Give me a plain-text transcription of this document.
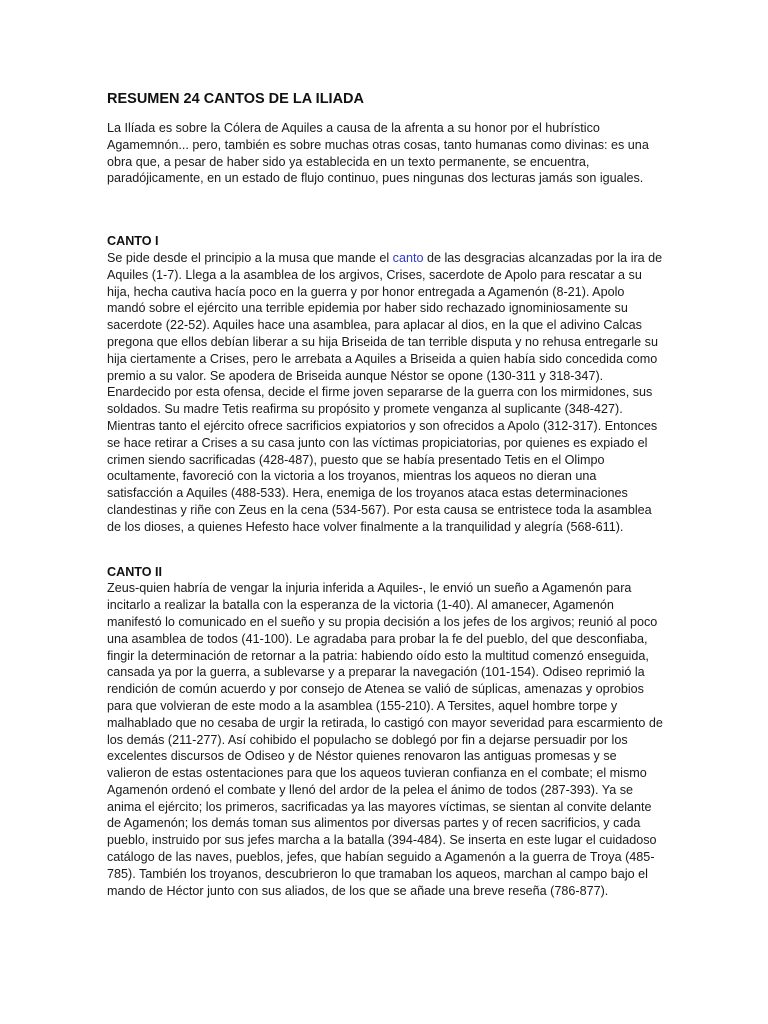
RESUMEN 24 CANTOS DE LA ILIADA

La Ilíada es sobre la Cólera de Aquiles a causa de la afrenta a su honor por el hubrístico Agamemnón... pero, también es sobre muchas otras cosas, tanto humanas como divinas: es una obra que, a pesar de haber sido ya establecida en un texto permanente, se encuentra, paradójicamente, en un estado de flujo continuo, pues ningunas dos lecturas jamás son iguales.

CANTO I

Se pide desde el principio a la musa que mande el canto de las desgracias alcanzadas por la ira de Aquiles (1-7). Llega a la asamblea de los argivos, Crises, sacerdote de Apolo para rescatar a su hija, hecha cautiva hacía poco en la guerra y por honor entregada a Agamenón (8-21). Apolo mandó sobre el ejército una terrible epidemia por haber sido rechazado ignominiosamente su sacerdote (22-52). Aquiles hace una asamblea, para aplacar al dios, en la que el adivino Calcas pregona que ellos debían liberar a su hija Briseida de tan terrible disputa y no rehusa entregarle su hija ciertamente a Crises, pero le arrebata a Aquiles a Briseida a quien había sido concedida como premio a su valor. Se apodera de Briseida aunque Néstor se opone (130-311 y 318-347). Enardecido por esta ofensa, decide el firme joven separarse de la guerra con los mirmidones, sus soldados. Su madre Tetis reafirma su propósito y promete venganza al suplicante (348-427). Mientras tanto el ejército ofrece sacrificios expiatorios y son ofrecidos a Apolo (312-317). Entonces se hace retirar a Crises a su casa junto con las víctimas propiciatorias, por quienes es expiado el crimen siendo sacrificadas (428-487), puesto que se había presentado Tetis en el Olimpo ocultamente, favoreció con la victoria a los troyanos, mientras los aqueos no dieran una satisfacción a Aquiles (488-533). Hera, enemiga de los troyanos ataca estas determinaciones clandestinas y riñe con Zeus en la cena (534-567). Por esta causa se entristece toda la asamblea de los dioses, a quienes Hefesto hace volver finalmente a la tranquilidad y alegría (568-611).

CANTO II

Zeus-quien habría de vengar la injuria inferida a Aquiles-, le envió un sueño a Agamenón para incitarlo a realizar la batalla con la esperanza de la victoria (1-40). Al amanecer, Agamenón manifestó lo comunicado en el sueño y su propia decisión a los jefes de los argivos; reunió al poco una asamblea de todos (41-100). Le agradaba para probar la fe del pueblo, del que desconfiaba, fingir la determinación de retornar a la patria: habiendo oído esto la multitud comenzó enseguida, cansada ya por la guerra, a sublevarse y a preparar la navegación (101-154). Odiseo reprimió la rendición de común acuerdo y por consejo de Atenea se valió de súplicas, amenazas y oprobios para que volvieran de este modo a la asamblea (155-210). A Tersites, aquel hombre torpe y malhablado que no cesaba de urgir la retirada, lo castigó con mayor severidad para escarmiento de los demás (211-277). Así cohibido el populacho se doblegó por fin a dejarse persuadir por los excelentes discursos de Odiseo y de Néstor quienes renovaron las antiguas promesas y se valieron de estas ostentaciones para que los aqueos tuvieran confianza en el combate; el mismo Agamenón ordenó el combate y llenó del ardor de la pelea el ánimo de todos (287-393). Ya se anima el ejército; los primeros, sacrificadas ya las mayores víctimas, se sientan al convite delante de Agamenón; los demás toman sus alimentos por diversas partes y of recen sacrificios, y cada pueblo, instruido por sus jefes marcha a la batalla (394-484). Se inserta en este lugar el cuidadoso catálogo de las naves, pueblos, jefes, que habían seguido a Agamenón a la guerra de Troya (485-785). También los troyanos, descubrieron lo que tramaban los aqueos, marchan al campo bajo el mando de Héctor junto con sus aliados, de los que se añade una breve reseña (786-877).
